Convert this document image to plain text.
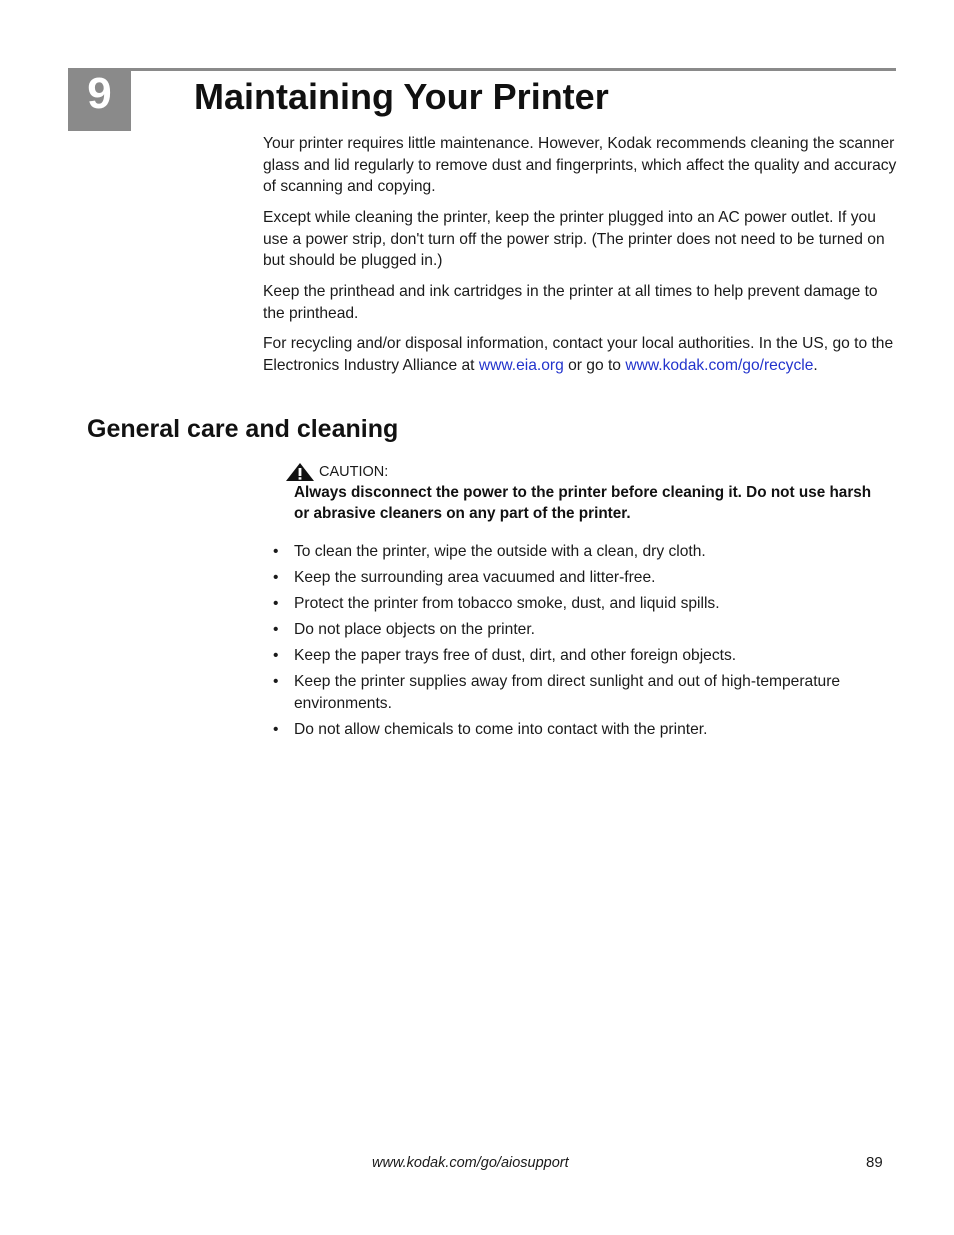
9	Maintaining Your Printer

Your printer requires little maintenance. However, Kodak recommends cleaning the scanner glass and lid regularly to remove dust and fingerprints, which affect the quality and accuracy of scanning and copying.

Except while cleaning the printer, keep the printer plugged into an AC power outlet. If you use a power strip, don't turn off the power strip. (The printer does not need to be turned on but should be plugged in.)

Keep the printhead and ink cartridges in the printer at all times to help prevent damage to the printhead.

For recycling and/or disposal information, contact your local authorities. In the US, go to the Electronics Industry Alliance at www.eia.org or go to www.kodak.com/go/recycle.

General care and cleaning
CAUTION:

Always disconnect the power to the printer before cleaning it. Do not use harsh or abrasive cleaners on any part of the printer.

• To clean the printer, wipe the outside with a clean, dry cloth.
• Keep the surrounding area vacuumed and litter-free.
• Protect the printer from tobacco smoke, dust, and liquid spills.
• Do not place objects on the printer.
• Keep the paper trays free of dust, dirt, and other foreign objects.
• Keep the printer supplies away from direct sunlight and out of high-temperature environments.
• Do not allow chemicals to come into contact with the printer.
www.kodak.com/go/aiosupport	89
